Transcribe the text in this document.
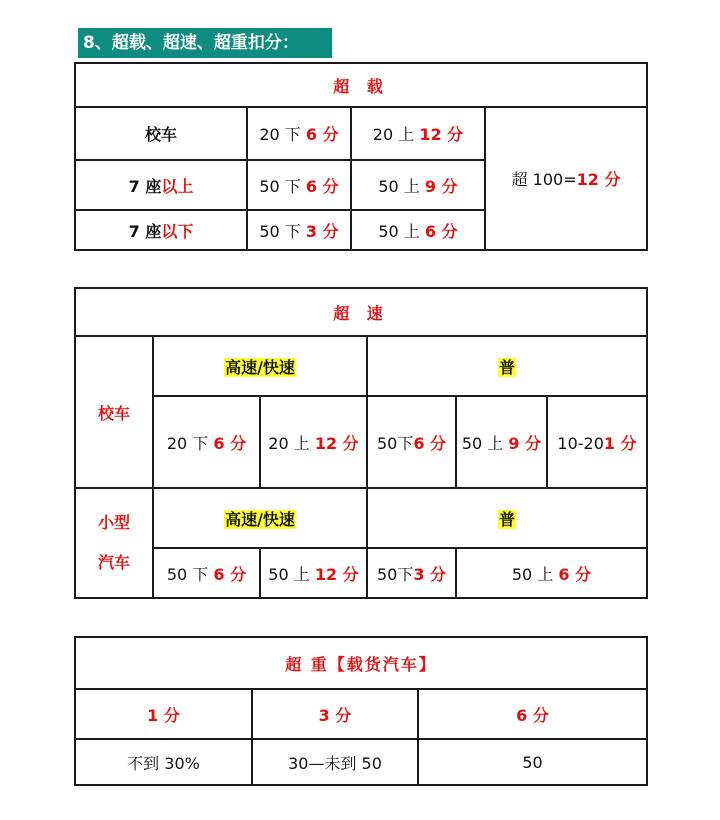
8、超载、超速、超重扣分：
超 载			
校车	20 下 6 分	20 上 12 分	超 100=12 分
7 座以上	50 下 6 分	50 上 9 分	
7 座以下	50 下 3 分	50 上 6 分	
超 速					
校车	高速/快速		普		
	20 下 6 分	20 上 12 分	50下6 分	50 上 9 分	10-201 分
小型
汽车	高速/快速		普		
	50 下 6 分	50 上 12 分	50下3 分	50 上 6 分	
超 重【载货汽车】		
1 分	3 分	6 分
不到 30%	30—未到 50	50
